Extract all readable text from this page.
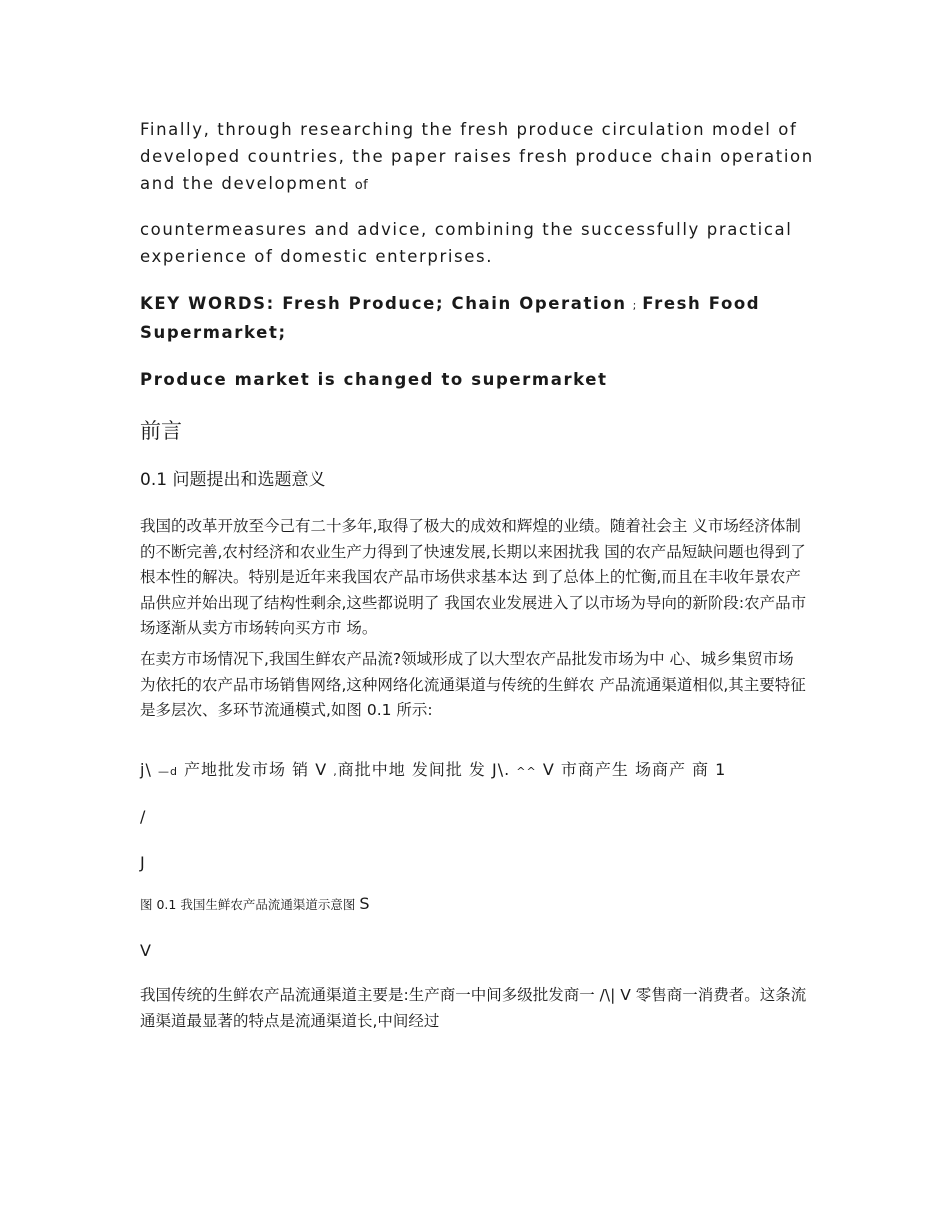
Finally, through researching the fresh produce circulation model of developed countries, the paper raises fresh produce chain operation and the development of

countermeasures and advice, combining the successfully practical experience of domestic enterprises.

KEY WORDS: Fresh Produce; Chain Operation ; Fresh Food Supermarket;

Produce market is changed to supermarket

前言

0.1 问题提出和选题意义

我国的改革开放至今己有二十多年,取得了极大的成效和辉煌的业绩。随着社会主 义市场经济体制的不断完善,农村经济和农业生产力得到了快速发展,长期以来困扰我 国的农产品短缺问题也得到了根本性的解决。特别是近年来我国农产品市场供求基本达 到了总体上的忙衡,而且在丰收年景农产品供应并始出现了结构性剩余,这些都说明了 我国农业发展进入了以市场为导向的新阶段:农产品市场逐渐从卖方市场转向买方市 场。

在卖方市场情况下,我国生鲜农产品流?领域形成了以大型农产品批发市场为中 心、城乡集贸市场为依托的农产品市场销售网络,这种网络化流通渠道与传统的生鲜农 产品流通渠道相似,其主要特征是多层次、多环节流通模式,如图 0.1 所示:

j\ —d 产地批发市场 销 V ,商批中地 发间批 发 J\. ^^ V 市商产生 场商产 商 1

/

J

图 0.1 我国生鲜农产品流通渠道示意图 S

V

我国传统的生鲜农产品流通渠道主要是:生产商一中间多级批发商一 /\| V 零售商一消费者。这条流通渠道最显著的特点是流通渠道长,中间经过
